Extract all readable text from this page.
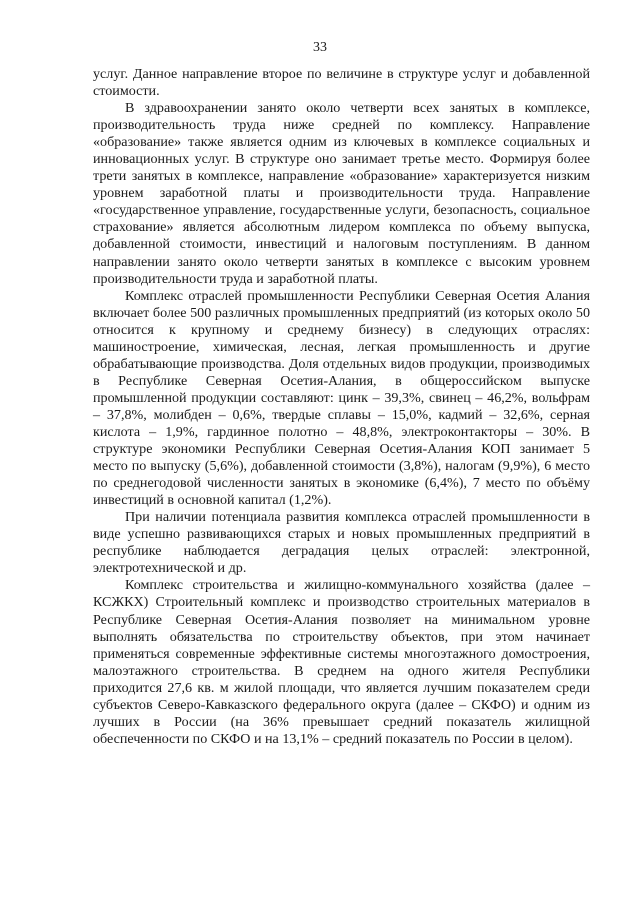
33

услуг. Данное направление второе по величине в структуре услуг и добавленной стоимости.

В здравоохранении занято около четверти всех занятых в комплексе, производительность труда ниже средней по комплексу. Направление «образование» также является одним из ключевых в комплексе социальных и инновационных услуг. В структуре оно занимает третье место. Формируя более трети занятых в комплексе, направление «образование» характеризуется низким уровнем заработной платы и производительности труда. Направление «государственное управление, государственные услуги, безопасность, социальное страхование» является абсолютным лидером комплекса по объему выпуска, добавленной стоимости, инвестиций и налоговым поступлениям. В данном направлении занято около четверти занятых в комплексе с высоким уровнем производительности труда и заработной платы.

Комплекс отраслей промышленности Республики Северная Осетия Алания включает более 500 различных промышленных предприятий (из которых около 50 относится к крупному и среднему бизнесу) в следующих отраслях: машиностроение, химическая, лесная, легкая промышленность и другие обрабатывающие производства. Доля отдельных видов продукции, производимых в Республике Северная Осетия-Алания, в общероссийском выпуске промышленной продукции составляют: цинк – 39,3%, свинец – 46,2%, вольфрам – 37,8%, молибден – 0,6%, твердые сплавы – 15,0%, кадмий – 32,6%, серная кислота – 1,9%, гардинное полотно – 48,8%, электроконтакторы – 30%. В структуре экономики Республики Северная Осетия-Алания КОП занимает 5 место по выпуску (5,6%), добавленной стоимости (3,8%), налогам (9,9%), 6 место по среднегодовой численности занятых в экономике (6,4%), 7 место по объёму инвестиций в основной капитал (1,2%).

При наличии потенциала развития комплекса отраслей промышленности в виде успешно развивающихся старых и новых промышленных предприятий в республике наблюдается деградация целых отраслей: электронной, электротехнической и др.

Комплекс строительства и жилищно-коммунального хозяйства (далее – КСЖКХ) Строительный комплекс и производство строительных материалов в Республике Северная Осетия-Алания позволяет на минимальном уровне выполнять обязательства по строительству объектов, при этом начинает применяться современные эффективные системы многоэтажного домостроения, малоэтажного строительства. В среднем на одного жителя Республики приходится 27,6 кв. м жилой площади, что является лучшим показателем среди субъектов Северо-Кавказского федерального округа (далее – СКФО) и одним из лучших в России (на 36% превышает средний показатель жилищной обеспеченности по СКФО и на 13,1% – средний показатель по России в целом).
